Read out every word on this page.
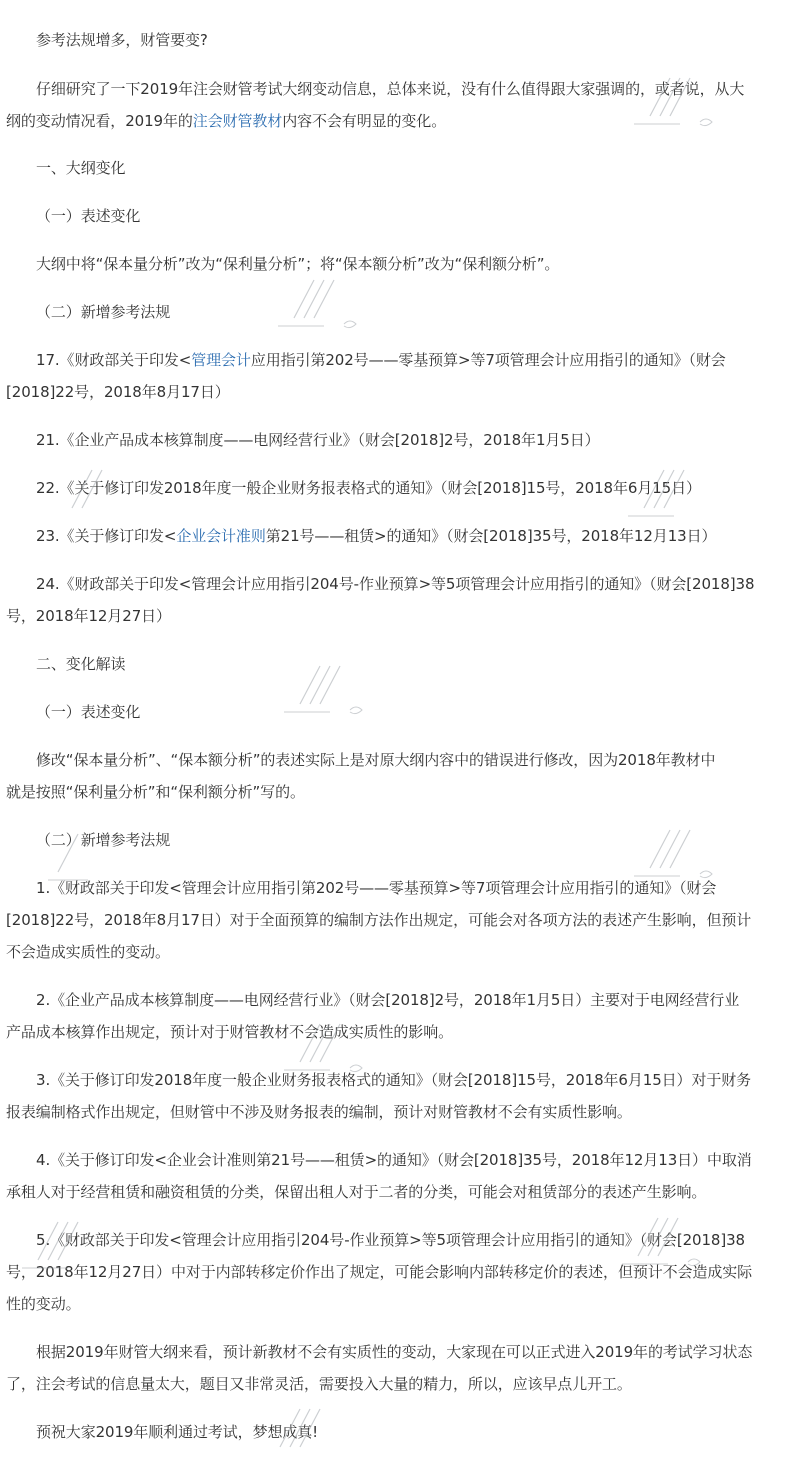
参考法规增多，财管要变?
仔细研究了一下2019年注会财管考试大纲变动信息，总体来说，没有什么值得跟大家强调的，或者说，从大
纲的变动情况看，2019年的注会财管教材内容不会有明显的变化。
一、大纲变化
（一）表述变化
大纲中将“保本量分析”改为“保利量分析”；将“保本额分析”改为“保利额分析”。
（二）新增参考法规
17.《财政部关于印发<管理会计应用指引第202号——零基预算>等7项管理会计应用指引的通知》（财会
[2018]22号，2018年8月17日）
21.《企业产品成本核算制度——电网经营行业》（财会[2018]2号，2018年1月5日）
22.《关于修订印发2018年度一般企业财务报表格式的通知》（财会[2018]15号，2018年6月15日）
23.《关于修订印发<企业会计准则第21号——租赁>的通知》（财会[2018]35号，2018年12月13日）
24.《财政部关于印发<管理会计应用指引204号-作业预算>等5项管理会计应用指引的通知》（财会[2018]38
号，2018年12月27日）
二、变化解读
（一）表述变化
修改“保本量分析”、“保本额分析”的表述实际上是对原大纲内容中的错误进行修改，因为2018年教材中
就是按照“保利量分析”和“保利额分析”写的。
（二）新增参考法规
1.《财政部关于印发<管理会计应用指引第202号——零基预算>等7项管理会计应用指引的通知》（财会
[2018]22号，2018年8月17日）对于全面预算的编制方法作出规定，可能会对各项方法的表述产生影响，但预计
不会造成实质性的变动。
2.《企业产品成本核算制度——电网经营行业》（财会[2018]2号，2018年1月5日）主要对于电网经营行业
产品成本核算作出规定，预计对于财管教材不会造成实质性的影响。
3.《关于修订印发2018年度一般企业财务报表格式的通知》（财会[2018]15号，2018年6月15日）对于财务
报表编制格式作出规定，但财管中不涉及财务报表的编制，预计对财管教材不会有实质性影响。
4.《关于修订印发<企业会计准则第21号——租赁>的通知》（财会[2018]35号，2018年12月13日）中取消
承租人对于经营租赁和融资租赁的分类，保留出租人对于二者的分类，可能会对租赁部分的表述产生影响。
5.《财政部关于印发<管理会计应用指引204号-作业预算>等5项管理会计应用指引的通知》（财会[2018]38
号，2018年12月27日）中对于内部转移定价作出了规定，可能会影响内部转移定价的表述，但预计不会造成实际
性的变动。
根据2019年财管大纲来看，预计新教材不会有实质性的变动，大家现在可以正式进入2019年的考试学习状态
了，注会考试的信息量太大，题目又非常灵活，需要投入大量的精力，所以，应该早点儿开工。
预祝大家2019年顺利通过考试，梦想成真!
